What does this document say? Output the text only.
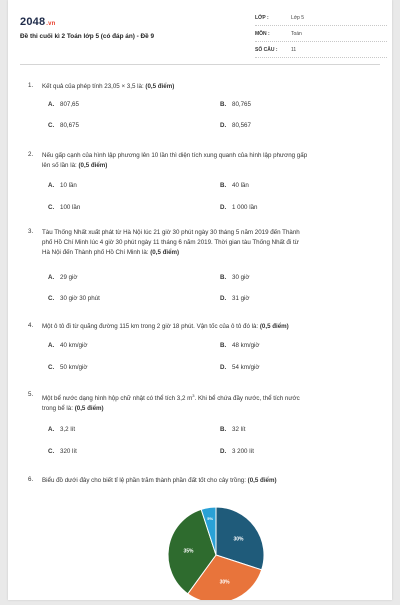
2048.vn
Đề thi cuối kì 2 Toán lớp 5 (có đáp án) - Đề 9
LỚP :	Lớp 5
MÔN :	Toán
SỐ CÂU :	11
1. Kết quả của phép tính 23,05 × 3,5 là: (0,5 điểm)
A. 807,65	B. 80,765
C. 80,675	D. 80,567
2. Nếu gấp cạnh của hình lập phương lên 10 lần thì diện tích xung quanh của hình lập phương gấp
lên số lần là: (0,5 điểm)
A. 10 lần	B. 40 lần
C. 100 lần	D. 1 000 lần
3. Tàu Thống Nhất xuất phát từ Hà Nội lúc 21 giờ 30 phút ngày 30 tháng 5 năm 2019 đến Thành
phố Hồ Chí Minh lúc 4 giờ 30 phút ngày 11 tháng 6 năm 2019. Thời gian tàu Thống Nhất đi từ
Hà Nội đến Thành phố Hồ Chí Minh là: (0,5 điểm)
A. 29 giờ	B. 30 giờ
C. 30 giờ 30 phút	D. 31 giờ
4. Một ô tô đi từ quãng đường 115 km trong 2 giờ 18 phút. Vận tốc của ô tô đó là: (0,5 điểm)
A. 40 km/giờ	B. 48 km/giờ
C. 50 km/giờ	D. 54 km/giờ
5.
Một bể nước dạng hình hộp chữ nhật có thể tích 3,2 $m^3$. Khi bể chứa đầy nước, thể tích nước
trong bể là: (0,5 điểm)
A. 3,2 lít	B. 32 lít
C. 320 lít	D. 3 200 lít
6. Biểu đồ dưới đây cho biết tỉ lệ phần trăm thành phần đất tốt cho cây trồng: (0,5 điểm)
30%
30%
35%
5%
